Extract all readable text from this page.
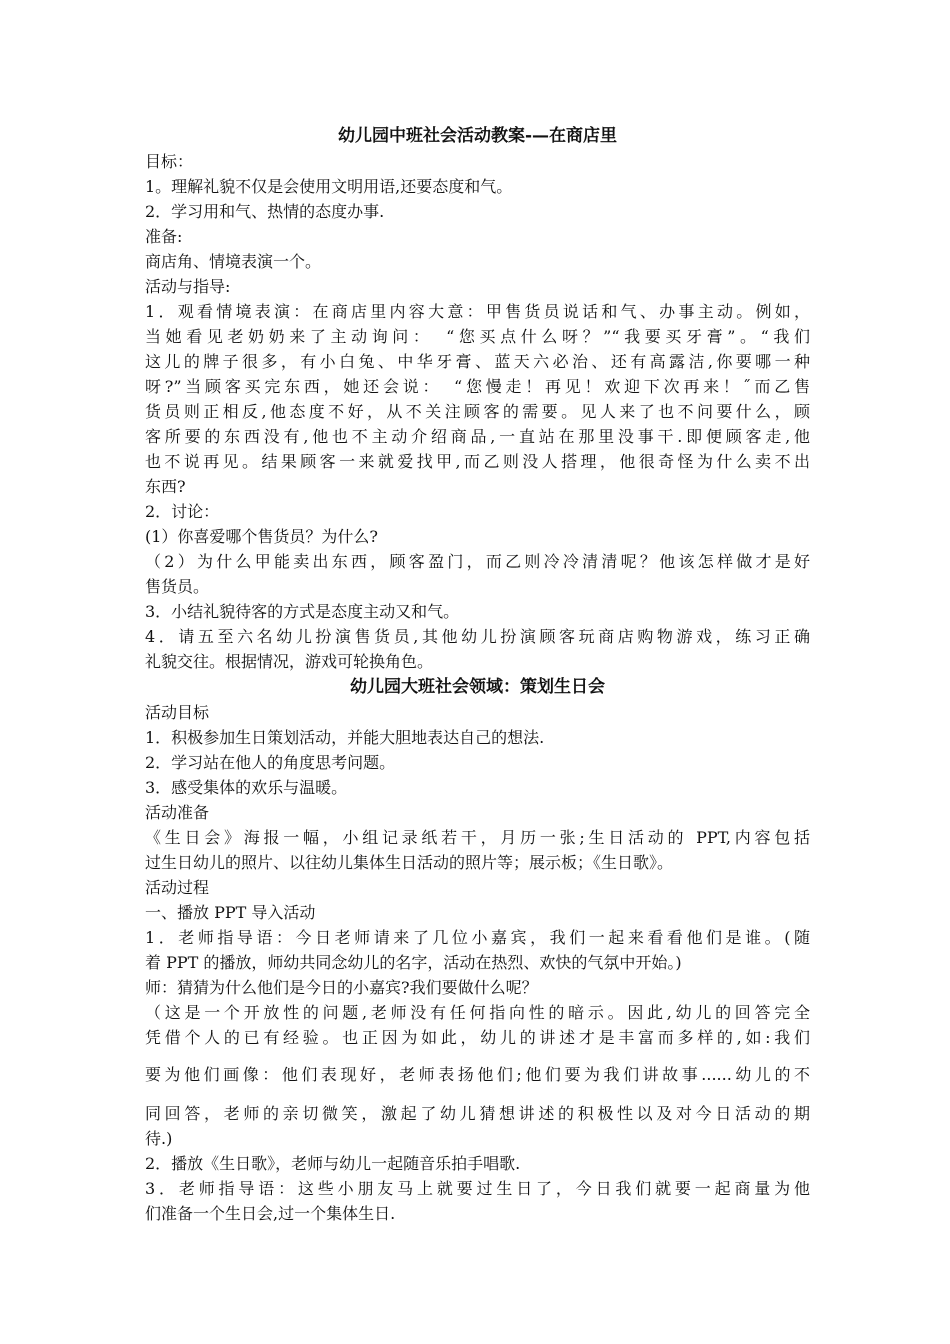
幼儿园中班社会活动教案-—在商店里

目标：

1。理解礼貌不仅是会使用文明用语,还要态度和气。

2．学习用和气、热情的态度办事.

准备:

商店角、情境表演一个。

活动与指导:

1．观看情境表演：在商店里内容大意：甲售货员说话和气、办事主动。例如，

当她看见老奶奶来了主动询问：　“您买点什么呀？”“我要买牙膏”。“我们

这儿的牌子很多，有小白兔、中华牙膏、蓝天六必治、还有高露洁,你要哪一种

呀?”当顾客买完东西，她还会说：　“您慢走！再见！欢迎下次再来！˝而乙售

货员则正相反,他态度不好，从不关注顾客的需要。见人来了也不问要什么，顾

客所要的东西没有,他也不主动介绍商品,一直站在那里没事干.即便顾客走,他

也不说再见。结果顾客一来就爱找甲,而乙则没人搭理，他很奇怪为什么卖不出

东西?

2．讨论：

(1）你喜爱哪个售货员？为什么?

（2）为什么甲能卖出东西，顾客盈门，而乙则冷冷清清呢？他该怎样做才是好

售货员。

3．小结礼貌待客的方式是态度主动又和气。

4．请五至六名幼儿扮演售货员,其他幼儿扮演顾客玩商店购物游戏，练习正确

礼貌交往。根据情况，游戏可轮换角色。

幼儿园大班社会领域：策划生日会

活动目标

1．积极参加生日策划活动，并能大胆地表达自己的想法.

2．学习站在他人的角度思考问题。

3．感受集体的欢乐与温暖。

活动准备

《生日会》海报一幅，小组记录纸若干，月历一张;生日活动的 PPT,内容包括

过生日幼儿的照片、以往幼儿集体生日活动的照片等；展示板；《生日歌》。

活动过程

一、播放 PPT 导入活动

1．老师指导语：今日老师请来了几位小嘉宾，我们一起来看看他们是谁。(随

着 PPT 的播放，师幼共同念幼儿的名字，活动在热烈、欢快的气氛中开始。)

师：猜猜为什么他们是今日的小嘉宾?我们要做什么呢？

（这是一个开放性的问题,老师没有任何指向性的暗示。因此,幼儿的回答完全

凭借个人的已有经验。也正因为如此，幼儿的讲述才是丰富而多样的,如:我们

要为他们画像：他们表现好，老师表扬他们;他们要为我们讲故事......幼儿的不

同回答，老师的亲切微笑，激起了幼儿猜想讲述的积极性以及对今日活动的期

待.)

2．播放《生日歌》，老师与幼儿一起随音乐拍手唱歌.

3．老师指导语：这些小朋友马上就要过生日了，今日我们就要一起商量为他

们准备一个生日会,过一个集体生日.
